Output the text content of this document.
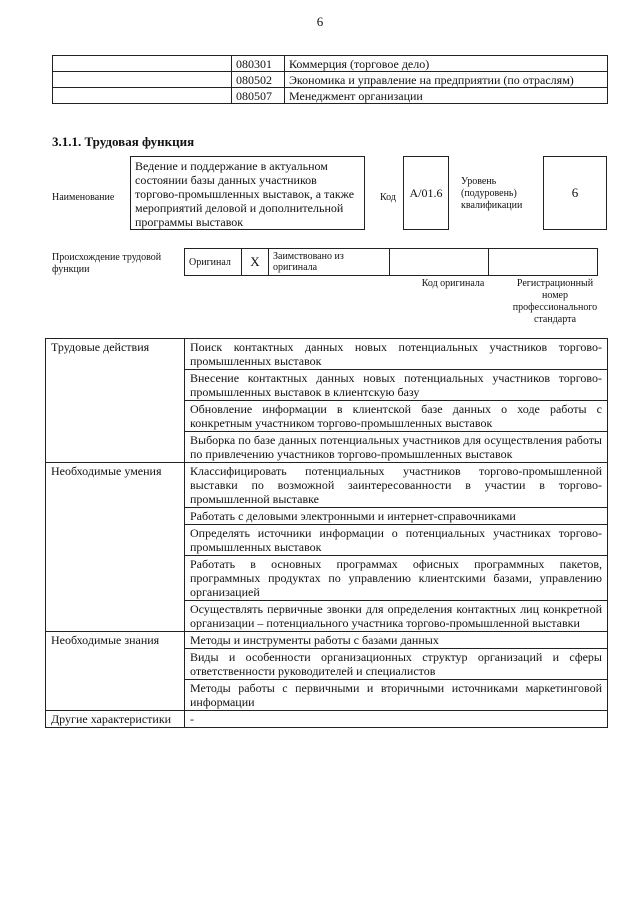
6
	080301	Коммерция (торговое дело)
	080502	Экономика и управление на предприятии (по отраслям)
	080507	Менеджмент организации
3.1.1. Трудовая функция
Наименование
Ведение и поддержание в актуальном состоянии базы данных участников торгово-промышленных выставок, а также мероприятий деловой и дополнительной программы выставок
Код A/01.6
Уровень (подуровень) квалификации
6
Происхождение трудовой функции
Оригинал	X	Заимствовано из оригинала		
Код оригинала	Регистрационный номер профессионального стандарта
Трудовые действия	Поиск контактных данных новых потенциальных участников торгово-промышленных выставок
	Внесение контактных данных новых потенциальных участников торгово-промышленных выставок в клиентскую базу
	Обновление информации в клиентской базе данных о ходе работы с конкретным участником торгово-промышленных выставок
	Выборка по базе данных потенциальных участников для осуществления работы по привлечению участников торгово-промышленных выставок
Необходимые умения	Классифицировать потенциальных участников торгово-промышленной выставки по возможной заинтересованности в участии в торгово-промышленной выставке
	Работать с деловыми электронными и интернет-справочниками
	Определять источники информации о потенциальных участниках торгово-промышленных выставок
	Работать в основных программах офисных программных пакетов, программных продуктах по управлению клиентскими базами, управлению организацией
	Осуществлять первичные звонки для определения контактных лиц конкретной организации – потенциального участника торгово-промышленной выставки
Необходимые знания	Методы и инструменты работы с базами данных
	Виды и особенности организационных структур организаций и сферы ответственности руководителей и специалистов
	Методы работы с первичными и вторичными источниками маркетинговой информации
Другие характеристики	-
